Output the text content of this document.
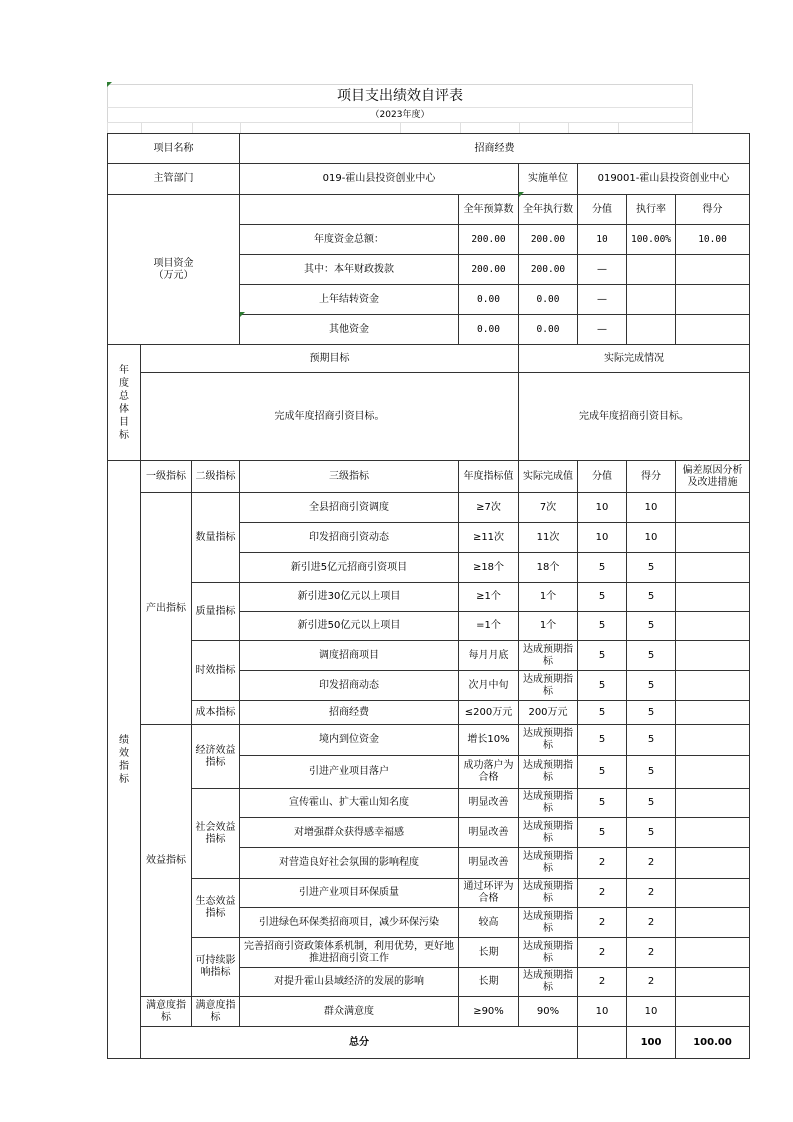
项目支出绩效自评表
（2023年度）
项目名称			招商经费						
主管部门			019-霍山县投资创业中心		实施单位	019001-霍山县投资创业中心			
项目资金
（万元）				全年预算数	全年执行数	分值	执行率	得分	
			年度资金总额：	200.00	200.00	10	100.00%	10.00	
			其中：本年财政拨款	200.00	200.00	—			
			上年结转资金	0.00	0.00	—			
			其他资金	0.00	0.00	—			
年度总体目标	预期目标				实际完成情况				
	完成年度招商引资目标。				完成年度招商引资目标。				
绩效指标	一级指标	二级指标	三级指标	年度指标值	实际完成值	分值	得分	偏差原因分析及改进措施	
	产出指标	数量指标	全县招商引资调度	≥7次	7次	10	10		
			印发招商引资动态	≥11次	11次	10	10		
			新引进5亿元招商引资项目	≥18个	18个	5	5		
		质量指标	新引进30亿元以上项目	≥1个	1个	5	5		
			新引进50亿元以上项目	=1个	1个	5	5		
		时效指标	调度招商项目	每月月底	达成预期指标	5	5		
			印发招商动态	次月中旬	达成预期指标	5	5		
		成本指标	招商经费	≤200万元	200万元	5	5		
	效益指标	经济效益指标	境内到位资金	增长10%	达成预期指标	5	5		
			引进产业项目落户	成功落户为合格	达成预期指标	5	5		
		社会效益指标	宣传霍山、扩大霍山知名度	明显改善	达成预期指标	5	5		
			对增强群众获得感幸福感	明显改善	达成预期指标	5	5		
			对营造良好社会氛围的影响程度	明显改善	达成预期指标	2	2		
		生态效益指标	引进产业项目环保质量	通过环评为合格	达成预期指标	2	2		
			引进绿色环保类招商项目，减少环保污染	较高	达成预期指标	2	2		
		可持续影响指标	完善招商引资政策体系机制，利用优势，更好地推进招商引资工作	长期	达成预期指标	2	2		
			对提升霍山县域经济的发展的影响	长期	达成预期指标	2	2		
	满意度指标	满意度指标	群众满意度	≥90%	90%	10	10		
	总分						100	100.00	
